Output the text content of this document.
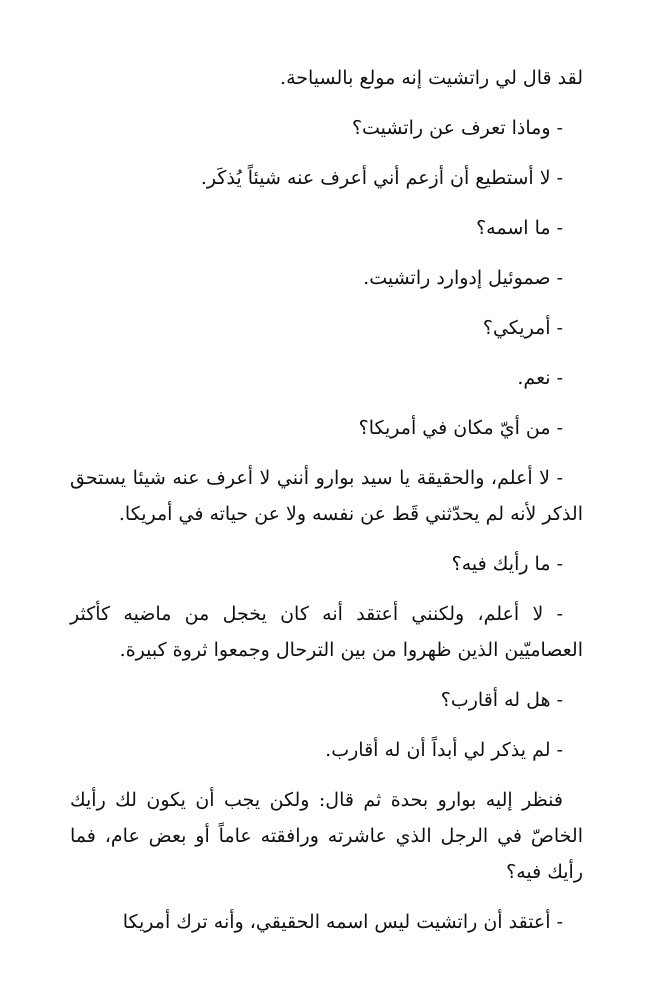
لقد قال لي راتشيت إنه مولع بالسياحة.

- وماذا تعرف عن راتشيت؟

- لا أستطيع أن أزعم أني أعرف عنه شيئاً يُذكَر.

- ما اسمه؟

- صموئيل إدوارد راتشيت.

- أمريكي؟

- نعم.

- من أيّ مكان في أمريكا؟

- لا أعلم، والحقيقة يا سيد بوارو أنني لا أعرف عنه شيئا يستحق الذكر لأنه لم يحدّثني قَط عن نفسه ولا عن حياته في أمريكا.

- ما رأيك فيه؟

- لا أعلم، ولكنني أعتقد أنه كان يخجل من ماضيه كأكثر العصاميّين الذين ظهروا من بين الترحال وجمعوا ثروة كبيرة.

- هل له أقارب؟

- لم يذكر لي أبداً أن له أقارب.

فنظر إليه بوارو بحدة ثم قال: ولكن يجب أن يكون لك رأيك الخاصّ في الرجل الذي عاشرته ورافقته عاماً أو بعض عام، فما رأيك فيه؟

- أعتقد أن راتشيت ليس اسمه الحقيقي، وأنه ترك أمريكا
